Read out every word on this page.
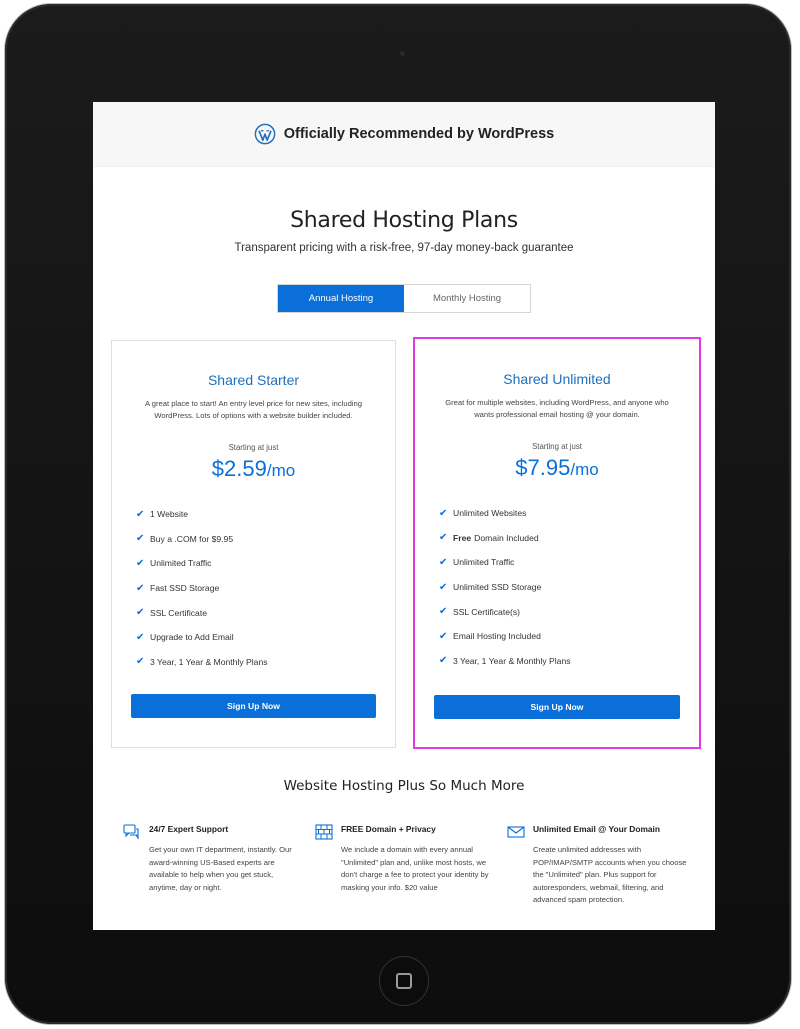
Officially Recommended by WordPress
Shared Hosting Plans
Transparent pricing with a risk-free, 97-day money-back guarantee
Annual Hosting	Monthly Hosting
Shared Starter
A great place to start! An entry level price for new sites, including WordPress. Lots of options with a website builder included.
Starting at just
$2.59/mo
✔ 1 Website
✔ Buy a .COM for $9.95
✔ Unlimited Traffic
✔ Fast SSD Storage
✔ SSL Certificate
✔ Upgrade to Add Email
✔ 3 Year, 1 Year & Monthly Plans
Sign Up Now
Shared Unlimited
Great for multiple websites, including WordPress, and anyone who wants professional email hosting @ your domain.
Starting at just
$7.95/mo
✔ Unlimited Websites
✔ Free Domain Included
✔ Unlimited Traffic
✔ Unlimited SSD Storage
✔ SSL Certificate(s)
✔ Email Hosting Included
✔ 3 Year, 1 Year & Monthly Plans
Sign Up Now
Website Hosting Plus So Much More
24/7 Expert Support
Get your own IT department, instantly. Our award-winning US-Based experts are available to help when you get stuck, anytime, day or night.
FREE Domain + Privacy
We include a domain with every annual "Unlimited" plan and, unlike most hosts, we don't charge a fee to protect your identity by masking your info. $20 value
Unlimited Email @ Your Domain
Create unlimited addresses with POP/IMAP/SMTP accounts when you choose the "Unlimited" plan. Plus support for autoresponders, webmail, filtering, and advanced spam protection.
